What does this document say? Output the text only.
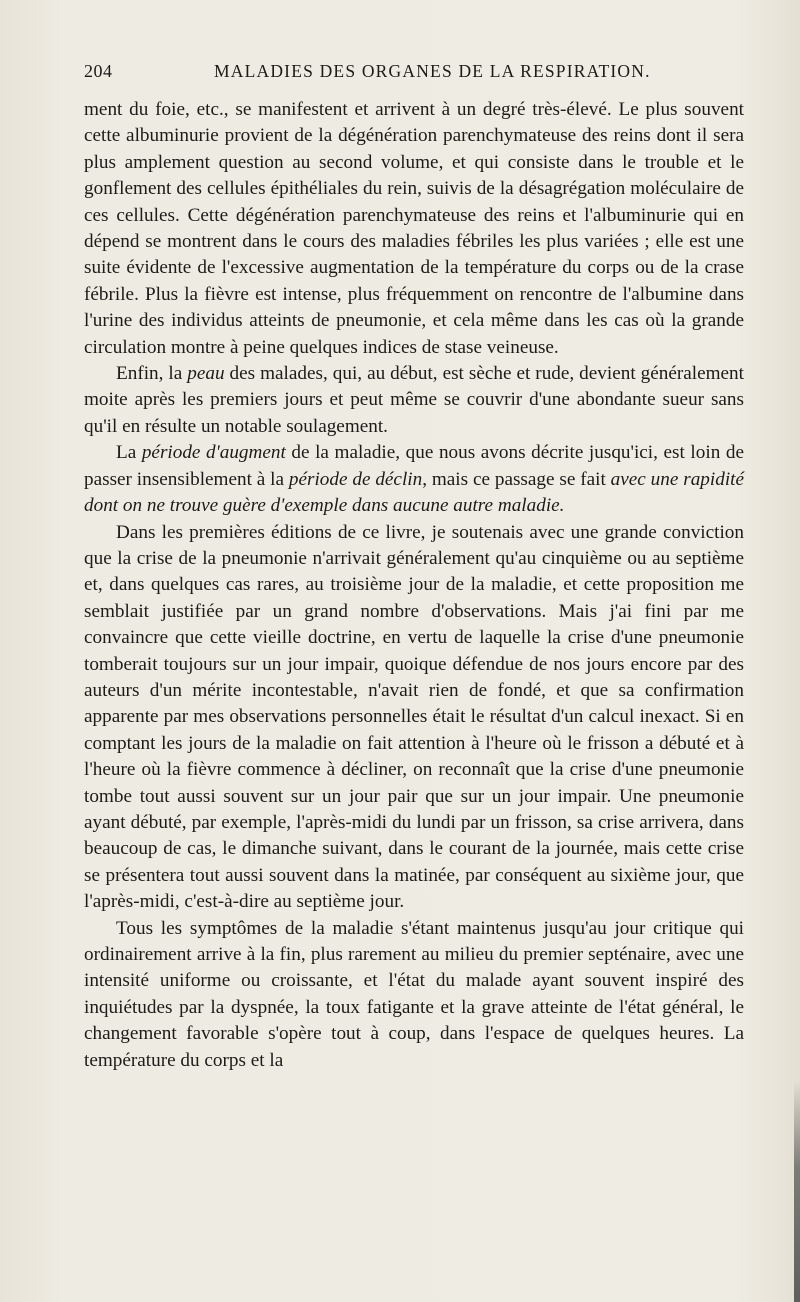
204	MALADIES DES ORGANES DE LA RESPIRATION.

ment du foie, etc., se manifestent et arrivent à un degré très-élevé. Le plus souvent cette albuminurie provient de la dégénération parenchymateuse des reins dont il sera plus amplement question au second volume, et qui consiste dans le trouble et le gonflement des cellules épithéliales du rein, suivis de la désagrégation moléculaire de ces cellules. Cette dégénération parenchymateuse des reins et l'albuminurie qui en dépend se montrent dans le cours des maladies fébriles les plus variées ; elle est une suite évidente de l'excessive augmentation de la température du corps ou de la crase fébrile. Plus la fièvre est intense, plus fréquemment on rencontre de l'albumine dans l'urine des individus atteints de pneumonie, et cela même dans les cas où la grande circulation montre à peine quelques indices de stase veineuse.

Enfin, la peau des malades, qui, au début, est sèche et rude, devient généralement moite après les premiers jours et peut même se couvrir d'une abondante sueur sans qu'il en résulte un notable soulagement.

La période d'augment de la maladie, que nous avons décrite jusqu'ici, est loin de passer insensiblement à la période de déclin, mais ce passage se fait avec une rapidité dont on ne trouve guère d'exemple dans aucune autre maladie.

Dans les premières éditions de ce livre, je soutenais avec une grande conviction que la crise de la pneumonie n'arrivait généralement qu'au cinquième ou au septième et, dans quelques cas rares, au troisième jour de la maladie, et cette proposition me semblait justifiée par un grand nombre d'observations. Mais j'ai fini par me convaincre que cette vieille doctrine, en vertu de laquelle la crise d'une pneumonie tomberait toujours sur un jour impair, quoique défendue de nos jours encore par des auteurs d'un mérite incontestable, n'avait rien de fondé, et que sa confirmation apparente par mes observations personnelles était le résultat d'un calcul inexact. Si en comptant les jours de la maladie on fait attention à l'heure où le frisson a débuté et à l'heure où la fièvre commence à décliner, on reconnaît que la crise d'une pneumonie tombe tout aussi souvent sur un jour pair que sur un jour impair. Une pneumonie ayant débuté, par exemple, l'après-midi du lundi par un frisson, sa crise arrivera, dans beaucoup de cas, le dimanche suivant, dans le courant de la journée, mais cette crise se présentera tout aussi souvent dans la matinée, par conséquent au sixième jour, que l'après-midi, c'est-à-dire au septième jour.

Tous les symptômes de la maladie s'étant maintenus jusqu'au jour critique qui ordinairement arrive à la fin, plus rarement au milieu du premier septénaire, avec une intensité uniforme ou croissante, et l'état du malade ayant souvent inspiré des inquiétudes par la dyspnée, la toux fatigante et la grave atteinte de l'état général, le changement favorable s'opère tout à coup, dans l'espace de quelques heures. La température du corps et la
